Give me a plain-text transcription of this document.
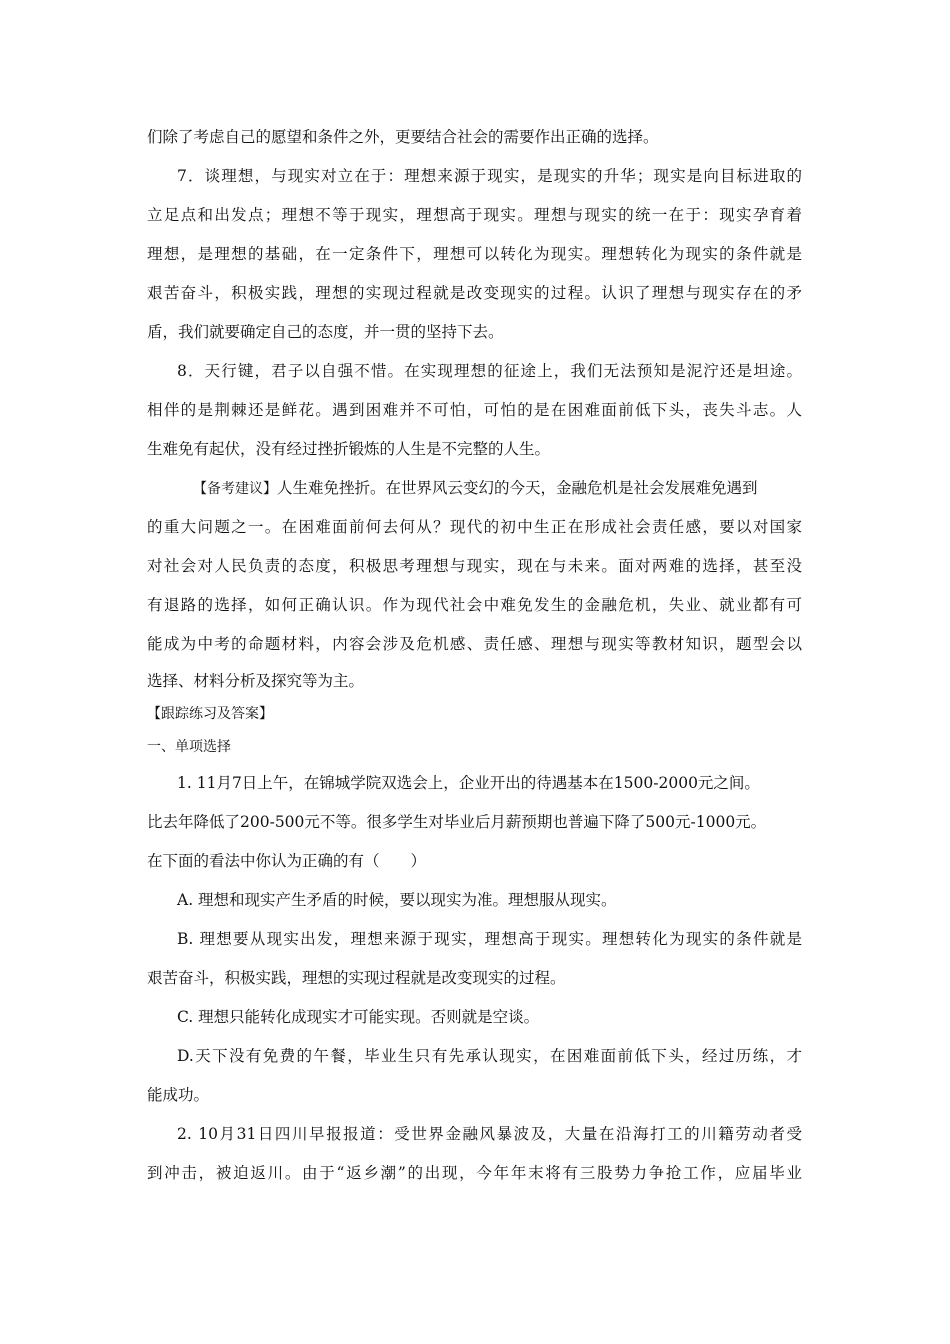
们除了考虑自己的愿望和条件之外，更要结合社会的需要作出正确的选择。
7．谈理想，与现实对立在于：理想来源于现实，是现实的升华；现实是向目标进取的
立足点和出发点；理想不等于现实，理想高于现实。理想与现实的统一在于：现实孕育着
理想，是理想的基础，在一定条件下，理想可以转化为现实。理想转化为现实的条件就是
艰苦奋斗，积极实践，理想的实现过程就是改变现实的过程。认识了理想与现实存在的矛
盾，我们就要确定自己的态度，并一贯的坚持下去。
8．天行键，君子以自强不惜。在实现理想的征途上，我们无法预知是泥泞还是坦途。
相伴的是荆棘还是鲜花。遇到困难并不可怕，可怕的是在困难面前低下头，丧失斗志。人
生难免有起伏，没有经过挫折锻炼的人生是不完整的人生。
【备考建议】人生难免挫折。在世界风云变幻的今天，金融危机是社会发展难免遇到
的重大问题之一。在困难面前何去何从？现代的初中生正在形成社会责任感，要以对国家
对社会对人民负责的态度，积极思考理想与现实，现在与未来。面对两难的选择，甚至没
有退路的选择，如何正确认识。作为现代社会中难免发生的金融危机，失业、就业都有可
能成为中考的命题材料，内容会涉及危机感、责任感、理想与现实等教材知识，题型会以
选择、材料分析及探究等为主。
【跟踪练习及答案】
一、单项选择
1. 11月7日上午，在锦城学院双选会上，企业开出的待遇基本在1500-2000元之间。
比去年降低了200-500元不等。很多学生对毕业后月薪预期也普遍下降了500元-1000元。
在下面的看法中你认为正确的有（　　）
A. 理想和现实产生矛盾的时候，要以现实为准。理想服从现实。
B. 理想要从现实出发，理想来源于现实，理想高于现实。理想转化为现实的条件就是
艰苦奋斗，积极实践，理想的实现过程就是改变现实的过程。
C. 理想只能转化成现实才可能实现。否则就是空谈。
D.天下没有免费的午餐，毕业生只有先承认现实，在困难面前低下头，经过历练，才
能成功。
2. 10月31日四川早报报道：受世界金融风暴波及，大量在沿海打工的川籍劳动者受
到冲击，被迫返川。由于“返乡潮”的出现，今年年末将有三股势力争抢工作，应届毕业
